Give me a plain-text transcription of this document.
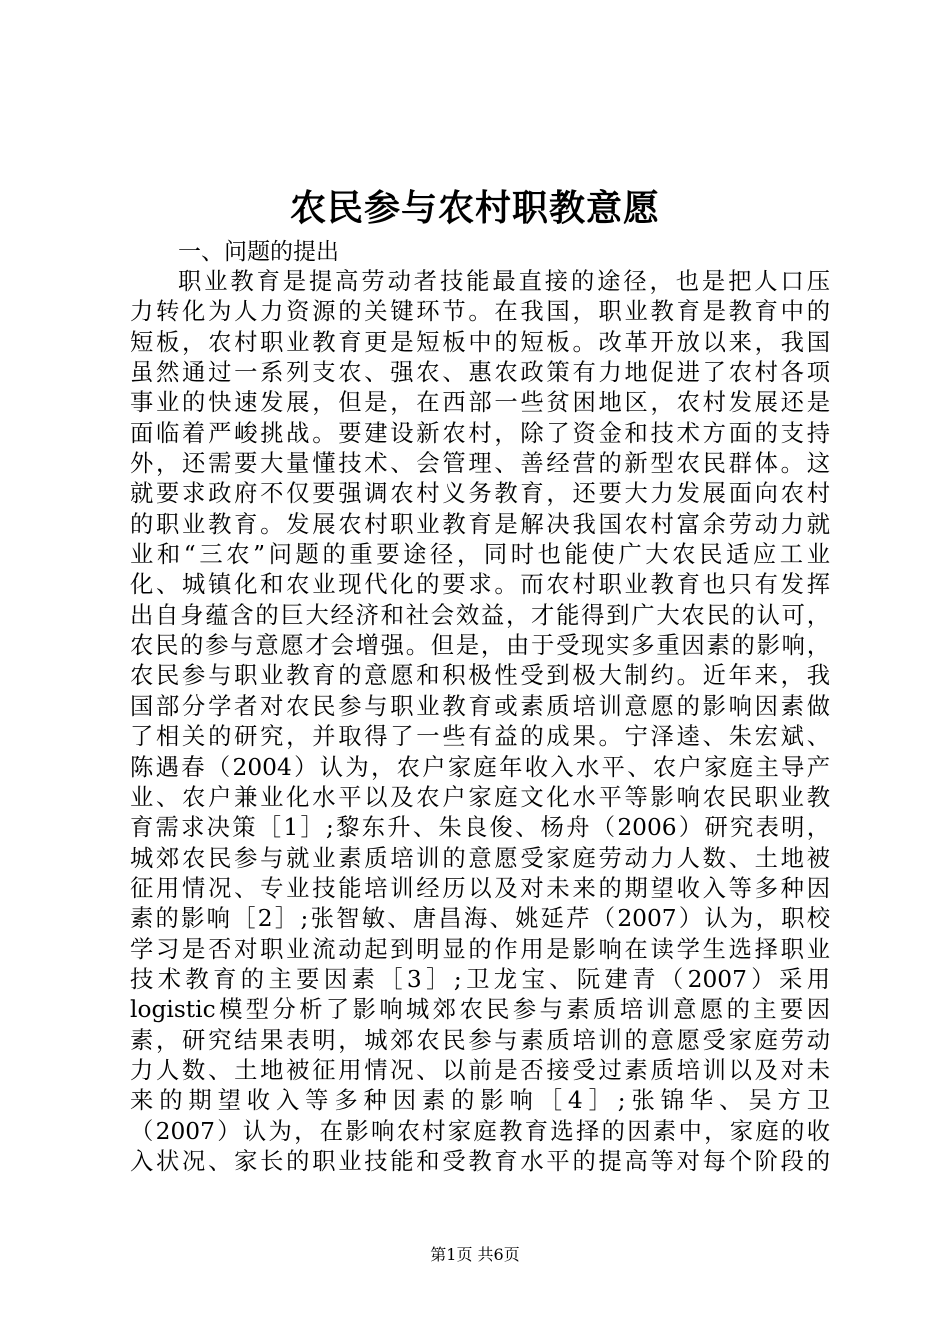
农民参与农村职教意愿
一、问题的提出
职业教育是提高劳动者技能最直接的途径，也是把人口压
力转化为人力资源的关键环节。在我国，职业教育是教育中的
短板，农村职业教育更是短板中的短板。改革开放以来，我国
虽然通过一系列支农、强农、惠农政策有力地促进了农村各项
事业的快速发展，但是，在西部一些贫困地区，农村发展还是
面临着严峻挑战。要建设新农村，除了资金和技术方面的支持
外，还需要大量懂技术、会管理、善经营的新型农民群体。这
就要求政府不仅要强调农村义务教育，还要大力发展面向农村
的职业教育。发展农村职业教育是解决我国农村富余劳动力就
业和“三农”问题的重要途径，同时也能使广大农民适应工业
化、城镇化和农业现代化的要求。而农村职业教育也只有发挥
出自身蕴含的巨大经济和社会效益，才能得到广大农民的认可，
农民的参与意愿才会增强。但是，由于受现实多重因素的影响，
农民参与职业教育的意愿和积极性受到极大制约。近年来，我
国部分学者对农民参与职业教育或素质培训意愿的影响因素做
了相关的研究，并取得了一些有益的成果。宁泽逵、朱宏斌、
陈遇春（2004）认为，农户家庭年收入水平、农户家庭主导产
业、农户兼业化水平以及农户家庭文化水平等影响农民职业教
育需求决策［1］;黎东升、朱良俊、杨舟（2006）研究表明，
城郊农民参与就业素质培训的意愿受家庭劳动力人数、土地被
征用情况、专业技能培训经历以及对未来的期望收入等多种因
素的影响［2］;张智敏、唐昌海、姚延芹（2007）认为，职校
学习是否对职业流动起到明显的作用是影响在读学生选择职业
技术教育的主要因素［3］;卫龙宝、阮建青（2007）采用
logistic模型分析了影响城郊农民参与素质培训意愿的主要因
素，研究结果表明，城郊农民参与素质培训的意愿受家庭劳动
力人数、土地被征用情况、以前是否接受过素质培训以及对未
来的期望收入等多种因素的影响［4］;张锦华、吴方卫
（2007）认为，在影响农村家庭教育选择的因素中，家庭的收
入状况、家长的职业技能和受教育水平的提高等对每个阶段的
第1页 共6页
